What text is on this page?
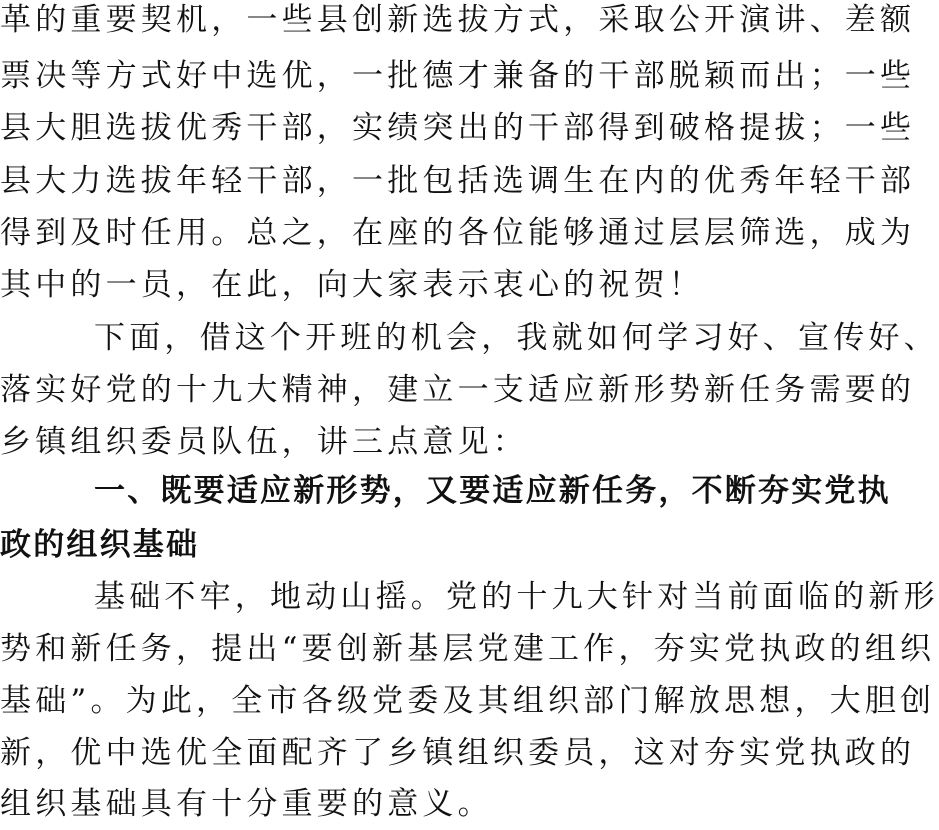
革的重要契机，一些县创新选拔方式，采取公开演讲、差额
票决等方式好中选优，一批德才兼备的干部脱颖而出；一些
县大胆选拔优秀干部，实绩突出的干部得到破格提拔；一些
县大力选拔年轻干部，一批包括选调生在内的优秀年轻干部
得到及时任用。总之，在座的各位能够通过层层筛选，成为
其中的一员，在此，向大家表示衷心的祝贺！
下面，借这个开班的机会，我就如何学习好、宣传好、
落实好党的十九大精神，建立一支适应新形势新任务需要的
乡镇组织委员队伍，讲三点意见：
一、既要适应新形势，又要适应新任务，不断夯实党执
政的组织基础
基础不牢，地动山摇。党的十九大针对当前面临的新形
势和新任务，提出“要创新基层党建工作，夯实党执政的组织
基础”。为此，全市各级党委及其组织部门解放思想，大胆创
新，优中选优全面配齐了乡镇组织委员，这对夯实党执政的
组织基础具有十分重要的意义。
